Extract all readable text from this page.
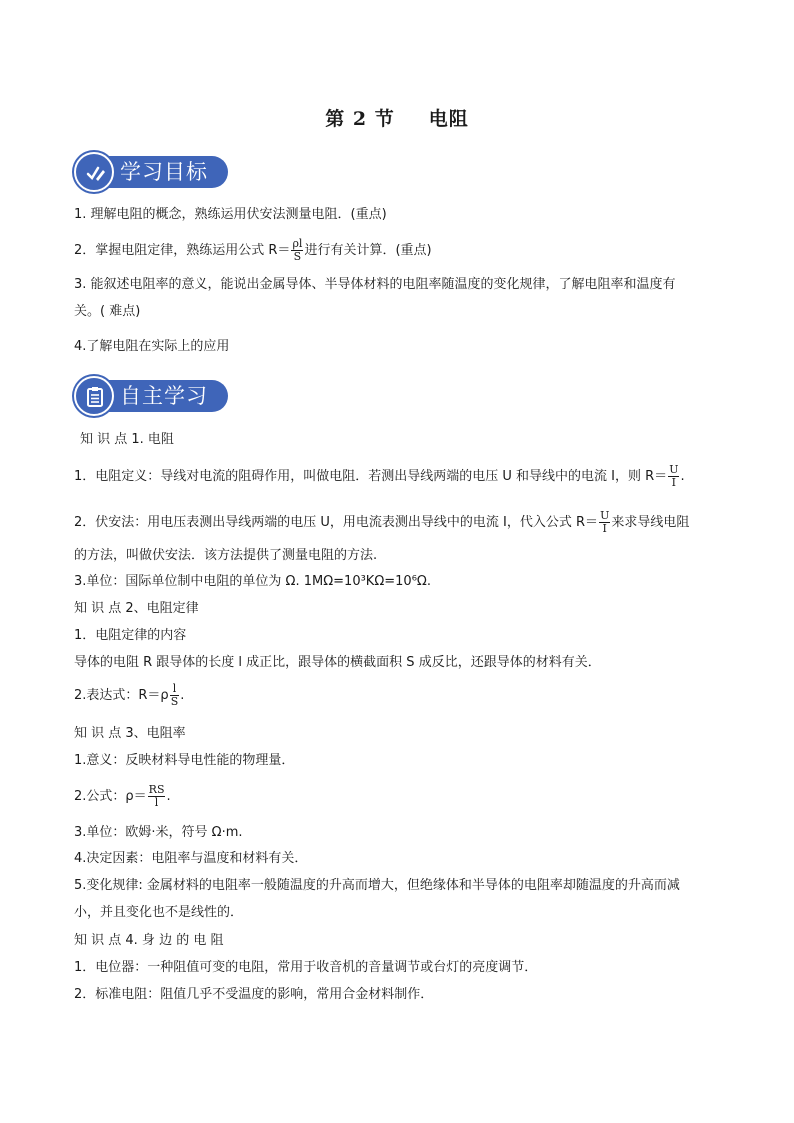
第 2 节 电阻
学习目标
1. 理解电阻的概念，熟练运用伏安法测量电阻．(重点)
2．掌握电阻定律，熟练运用公式 $R= \frac{\rho l}{S}$ 进行有关计算．(重点)
3. 能叙述电阻率的意义，能说出金属导体、半导体材料的电阻率随温度的变化规律，了解电阻率和温度有
关。( 难点)
4.了解电阻在实际上的应用
自主学习
知 识 点 1. 电阻
1．电阻定义：导线对电流的阻碍作用，叫做电阻．若测出导线两端的电压 U 和导线中的电流 I，则 $R= \frac{U}{I}$ .
2．伏安法：用电压表测出导线两端的电压 U，用电流表测出导线中的电流 I，代入公式 $R= \frac{U}{I}$ 来求导线电阻
的方法，叫做伏安法．该方法提供了测量电阻的方法.
3.单位：国际单位制中电阻的单位为 Ω. 1MΩ=10³KΩ=10⁶Ω.
知 识 点 2、电阻定律
1．电阻定律的内容
导体的电阻 R 跟导体的长度 l 成正比，跟导体的横截面积 S 成反比，还跟导体的材料有关．
2.表达式：$R=\rho \frac{l}{S}$ .
知 识 点 3、电阻率
1.意义：反映材料导电性能的物理量．
2.公式：$\rho= \frac{RS}{l}$ .
3.单位：欧姆·米，符号 Ω·m.
4.决定因素：电阻率与温度和材料有关．
5.变化规律: 金属材料的电阻率一般随温度的升高而增大，但绝缘体和半导体的电阻率却随温度的升高而减
小，并且变化也不是线性的．
知 识 点 4. 身 边 的 电 阻
1．电位器：一种阻值可变的电阻，常用于收音机的音量调节或台灯的亮度调节．
2．标准电阻：阻值几乎不受温度的影响，常用合金材料制作．
